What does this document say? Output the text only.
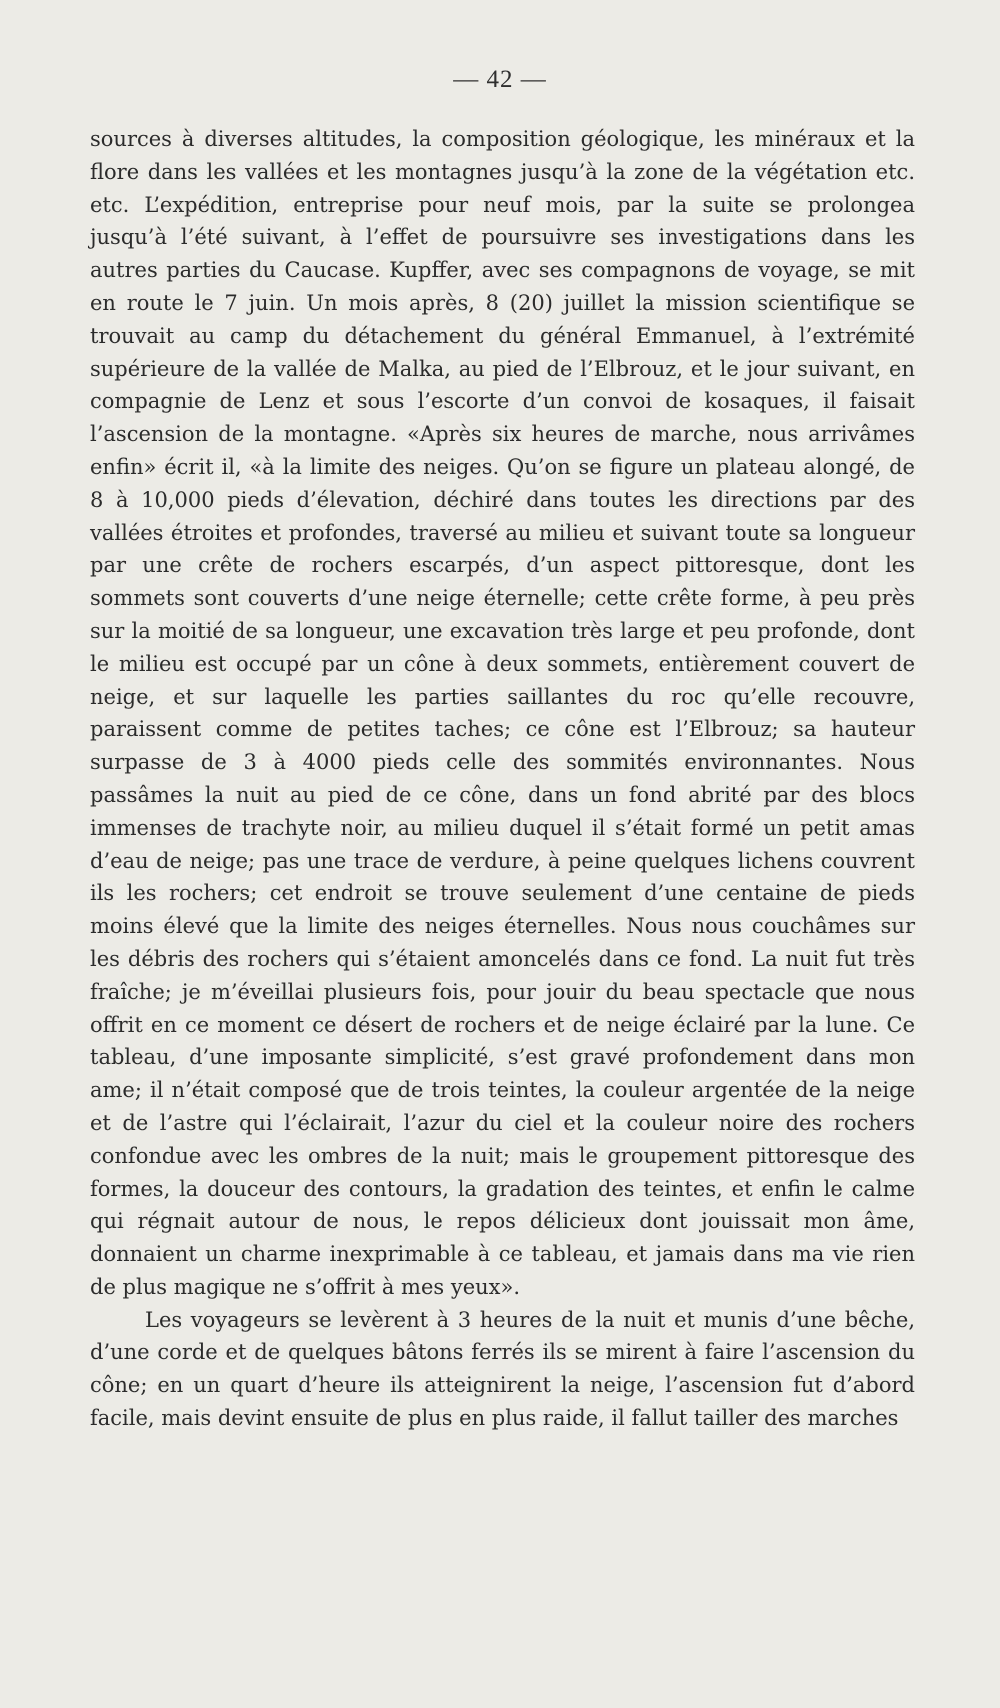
— 42 —

sources à diverses altitudes, la composition géologique, les minéraux et la flore dans les vallées et les montagnes jusqu’à la zone de la végétation etc. etc. L’expédition, entreprise pour neuf mois, par la suite se prolongea jusqu’à l’été suivant, à l’effet de poursuivre ses investigations dans les autres parties du Caucase. Kupffer, avec ses compagnons de voyage, se mit en route le 7 juin. Un mois après, 8 (20) juillet la mission scientifique se trouvait au camp du détachement du général Emmanuel, à l’extrémité supérieure de la vallée de Malka, au pied de l’Elbrouz, et le jour suivant, en compagnie de Lenz et sous l’escorte d’un convoi de kosaques, il faisait l’ascension de la montagne. «Après six heures de marche, nous arrivâmes enfin» écrit il, «à la limite des neiges. Qu’on se figure un plateau alongé, de 8 à 10,000 pieds d’élevation, déchiré dans toutes les directions par des vallées étroites et profondes, traversé au milieu et suivant toute sa longueur par une crête de rochers escarpés, d’un aspect pittoresque, dont les sommets sont couverts d’une neige éternelle; cette crête forme, à peu près sur la moitié de sa longueur, une excavation très large et peu profonde, dont le milieu est occupé par un cône à deux sommets, entièrement couvert de neige, et sur laquelle les parties saillantes du roc qu’elle recouvre, paraissent comme de petites taches; ce cône est l’Elbrouz; sa hauteur surpasse de 3 à 4000 pieds celle des sommités environnantes. Nous passâmes la nuit au pied de ce cône, dans un fond abrité par des blocs immenses de trachyte noir, au milieu duquel il s’était formé un petit amas d’eau de neige; pas une trace de verdure, à peine quelques lichens couvrent ils les rochers; cet endroit se trouve seulement d’une centaine de pieds moins élevé que la limite des neiges éternelles. Nous nous couchâmes sur les débris des rochers qui s’étaient amoncelés dans ce fond. La nuit fut très fraîche; je m’éveillai plusieurs fois, pour jouir du beau spectacle que nous offrit en ce moment ce désert de rochers et de neige éclairé par la lune. Ce tableau, d’une imposante simplicité, s’est gravé profondement dans mon ame; il n’était composé que de trois teintes, la couleur argentée de la neige et de l’astre qui l’éclairait, l’azur du ciel et la couleur noire des rochers confondue avec les ombres de la nuit; mais le groupement pittoresque des formes, la douceur des contours, la gradation des teintes, et enfin le calme qui régnait autour de nous, le repos délicieux dont jouissait mon âme, donnaient un charme inexprimable à ce tableau, et jamais dans ma vie rien de plus magique ne s’offrit à mes yeux».

Les voyageurs se levèrent à 3 heures de la nuit et munis d’une bêche, d’une corde et de quelques bâtons ferrés ils se mirent à faire l’ascension du cône; en un quart d’heure ils atteignirent la neige, l’ascension fut d’abord facile, mais devint ensuite de plus en plus raide, il fallut tailler des marches
